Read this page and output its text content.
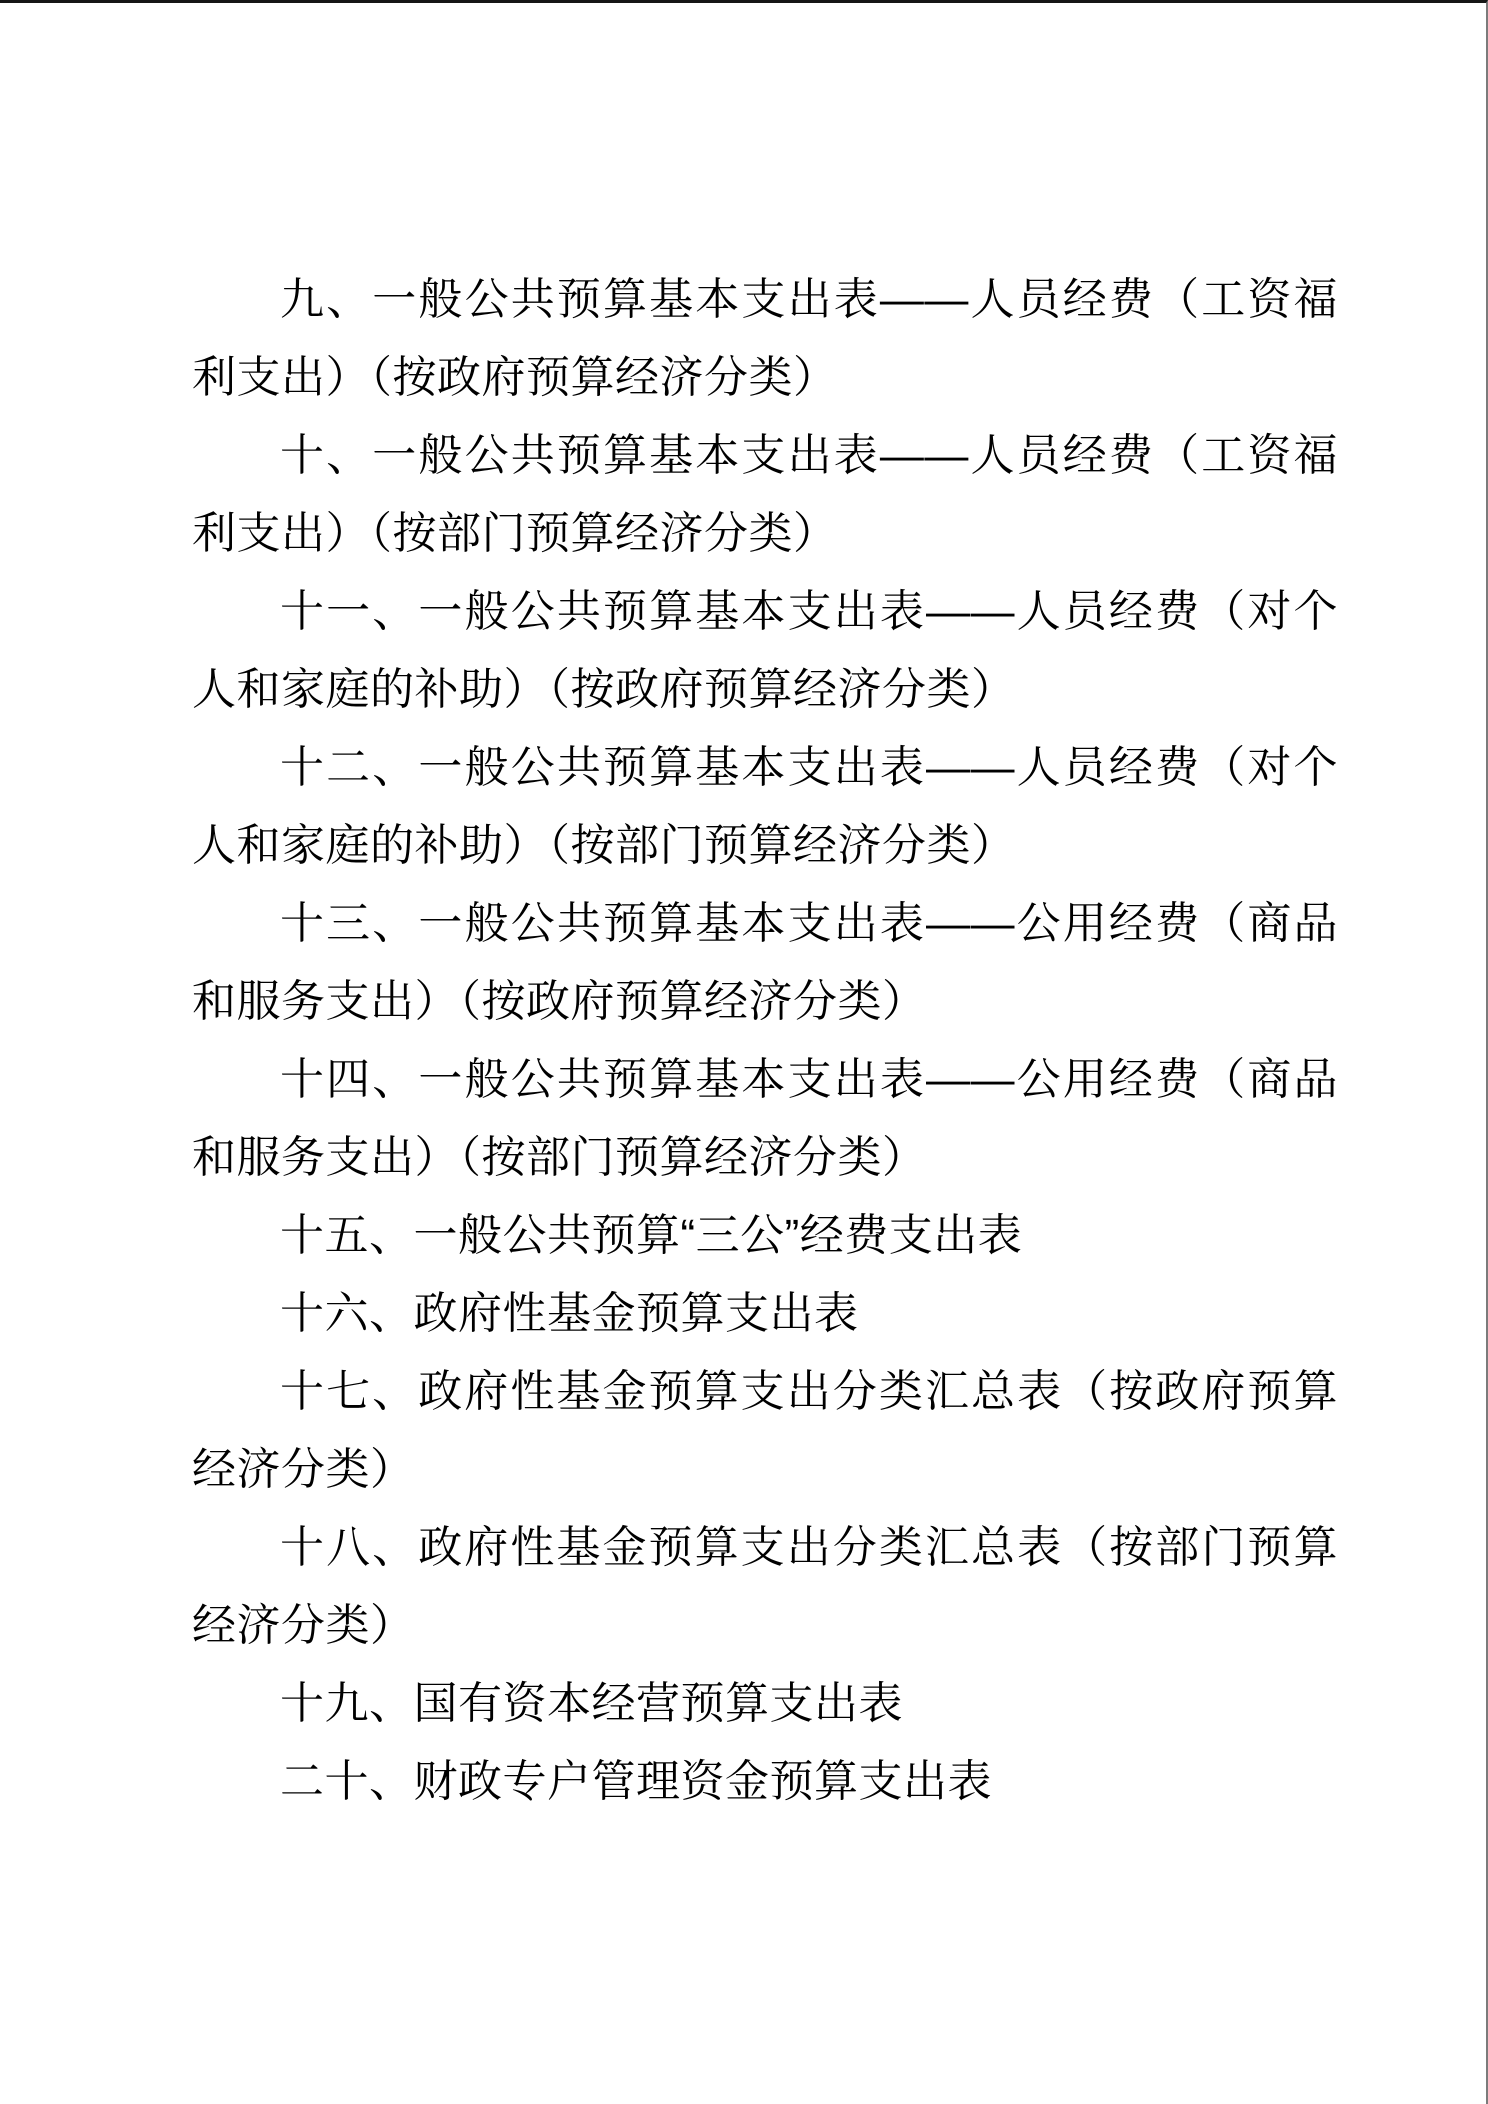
九、一般公共预算基本支出表——人员经费（工资福利支出）（按政府预算经济分类）

十、一般公共预算基本支出表——人员经费（工资福利支出）（按部门预算经济分类）

十一、一般公共预算基本支出表——人员经费（对个人和家庭的补助）（按政府预算经济分类）

十二、一般公共预算基本支出表——人员经费（对个人和家庭的补助）（按部门预算经济分类）

十三、一般公共预算基本支出表——公用经费（商品和服务支出）（按政府预算经济分类）

十四、一般公共预算基本支出表——公用经费（商品和服务支出）（按部门预算经济分类）

十五、一般公共预算“三公”经费支出表

十六、政府性基金预算支出表

十七、政府性基金预算支出分类汇总表（按政府预算经济分类）

十八、政府性基金预算支出分类汇总表（按部门预算经济分类）

十九、国有资本经营预算支出表

二十、财政专户管理资金预算支出表
